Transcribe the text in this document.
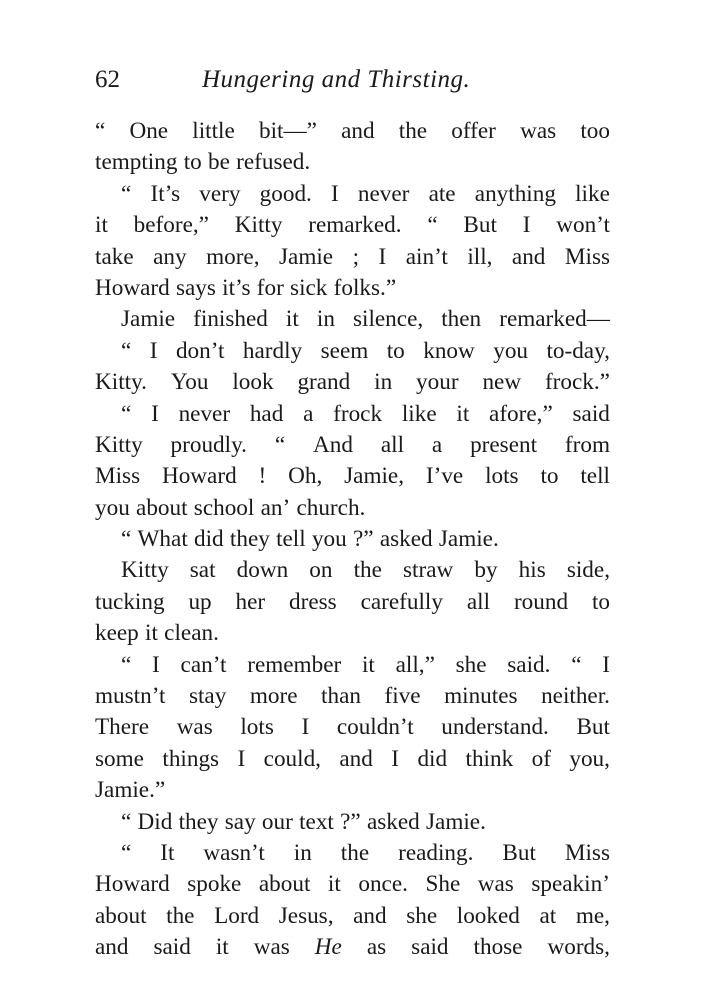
62	Hungering and Thirsting.
“ One little bit—” and the offer was too
tempting to be refused.
“ It’s very good. I never ate anything like
it before,” Kitty remarked. “ But I won’t
take any more, Jamie ; I ain’t ill, and Miss
Howard says it’s for sick folks.”
Jamie finished it in silence, then remarked—
“ I don’t hardly seem to know you to-day,
Kitty. You look grand in your new frock.”
“ I never had a frock like it afore,” said
Kitty proudly. “ And all a present from
Miss Howard ! Oh, Jamie, I’ve lots to tell
you about school an’ church.
“ What did they tell you ?” asked Jamie.
Kitty sat down on the straw by his side,
tucking up her dress carefully all round to
keep it clean.
“ I can’t remember it all,” she said. “ I
mustn’t stay more than five minutes neither.
There was lots I couldn’t understand. But
some things I could, and I did think of you,
Jamie.”
“ Did they say our text ?” asked Jamie.
“ It wasn’t in the reading. But Miss
Howard spoke about it once. She was speakin’
about the Lord Jesus, and she looked at me,
and said it was He as said those words,
